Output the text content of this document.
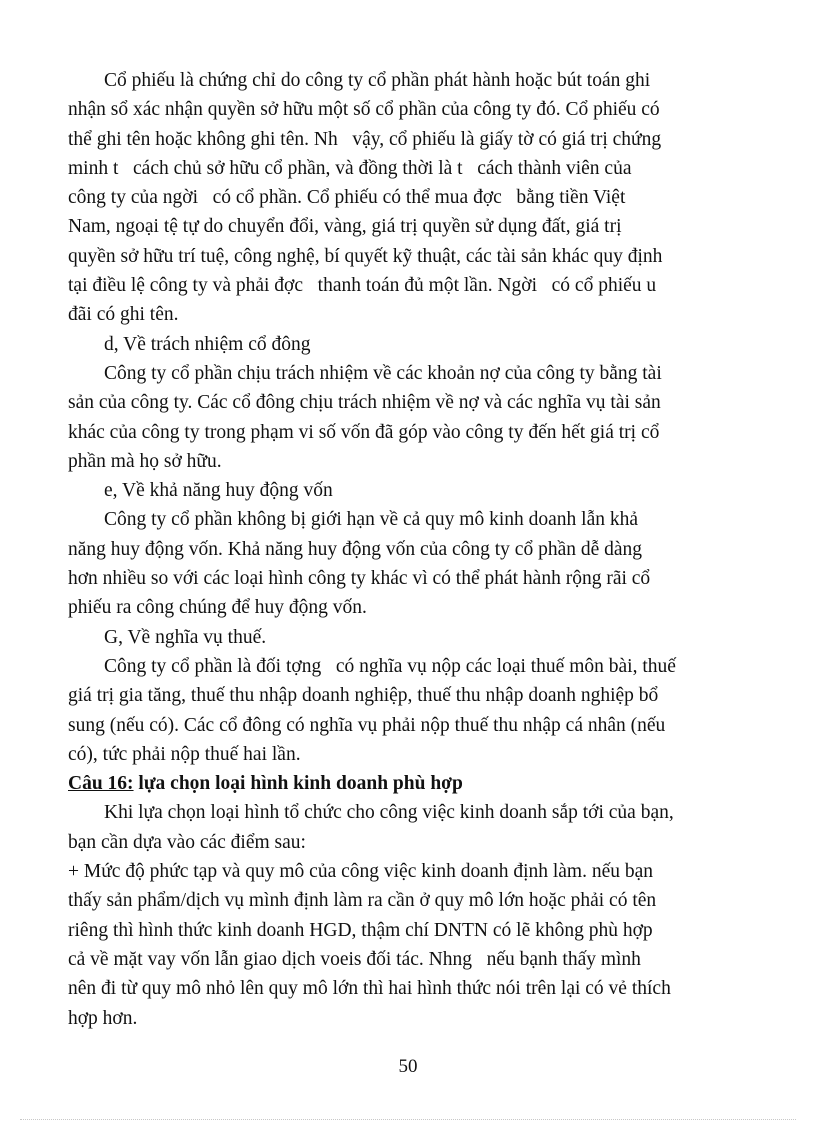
Cổ phiếu là chứng chỉ do công ty cổ phần phát hành hoặc bút toán ghi
nhận sổ xác nhận quyền sở hữu một số cổ phần của công ty đó. Cổ phiếu có
thể ghi tên hoặc không ghi tên. Nh   vậy, cổ phiếu là giấy tờ có giá trị chứng
minh t   cách chủ sở hữu cổ phần, và đồng thời là t   cách thành viên của
công ty của ngời   có cổ phần. Cổ phiếu có thể mua đợc   bằng tiền Việt
Nam, ngoại tệ tự do chuyển đổi, vàng, giá trị quyền sử dụng đất, giá trị
quyền sở hữu trí tuệ, công nghệ, bí quyết kỹ thuật, các tài sản khác quy định
tại điều lệ công ty và phải đợc   thanh toán đủ một lần. Ngời   có cổ phiếu u
đãi có ghi tên.
d, Về trách nhiệm cổ đông
Công ty cổ phần chịu trách nhiệm về các khoản nợ của công ty bằng tài
sản của công ty. Các cổ đông chịu trách nhiệm về nợ và các nghĩa vụ tài sản
khác của công ty trong phạm vi số vốn đã góp vào công ty đến hết giá trị cổ
phần mà họ sở hữu.
e, Về khả năng huy động vốn
Công ty cổ phần không bị giới hạn về cả quy mô kinh doanh lẫn khả
năng huy động vốn. Khả năng huy động vốn của công ty cổ phần dễ dàng
hơn nhiều so với các loại hình công ty khác vì có thể phát hành rộng rãi cổ
phiếu ra công chúng để huy động vốn.
G, Về nghĩa vụ thuế.
Công ty cổ phần là đối tợng   có nghĩa vụ nộp các loại thuế môn bài, thuế
giá trị gia tăng, thuế thu nhập doanh nghiệp, thuế thu nhập doanh nghiệp bổ
sung (nếu có). Các cổ đông có nghĩa vụ phải nộp thuế thu nhập cá nhân (nếu
có), tức phải nộp thuế hai lần.
Câu 16: lựa chọn loại hình kinh doanh phù hợp
Khi lựa chọn loại hình tổ chức cho công việc kinh doanh sắp tới của bạn,
bạn cần dựa vào các điểm sau:
+ Mức độ phức tạp và quy mô của công việc kinh doanh định làm. nếu bạn
thấy sản phẩm/dịch vụ mình định làm ra cần ở quy mô lớn hoặc phải có tên
riêng thì hình thức kinh doanh HGD, thậm chí DNTN có lẽ không phù hợp
cả về mặt vay vốn lẫn giao dịch voeis đối tác. Nhng   nếu bạnh thấy mình
nên đi từ quy mô nhỏ lên quy mô lớn thì hai hình thức nói trên lại có vẻ thích
hợp hơn.
50
